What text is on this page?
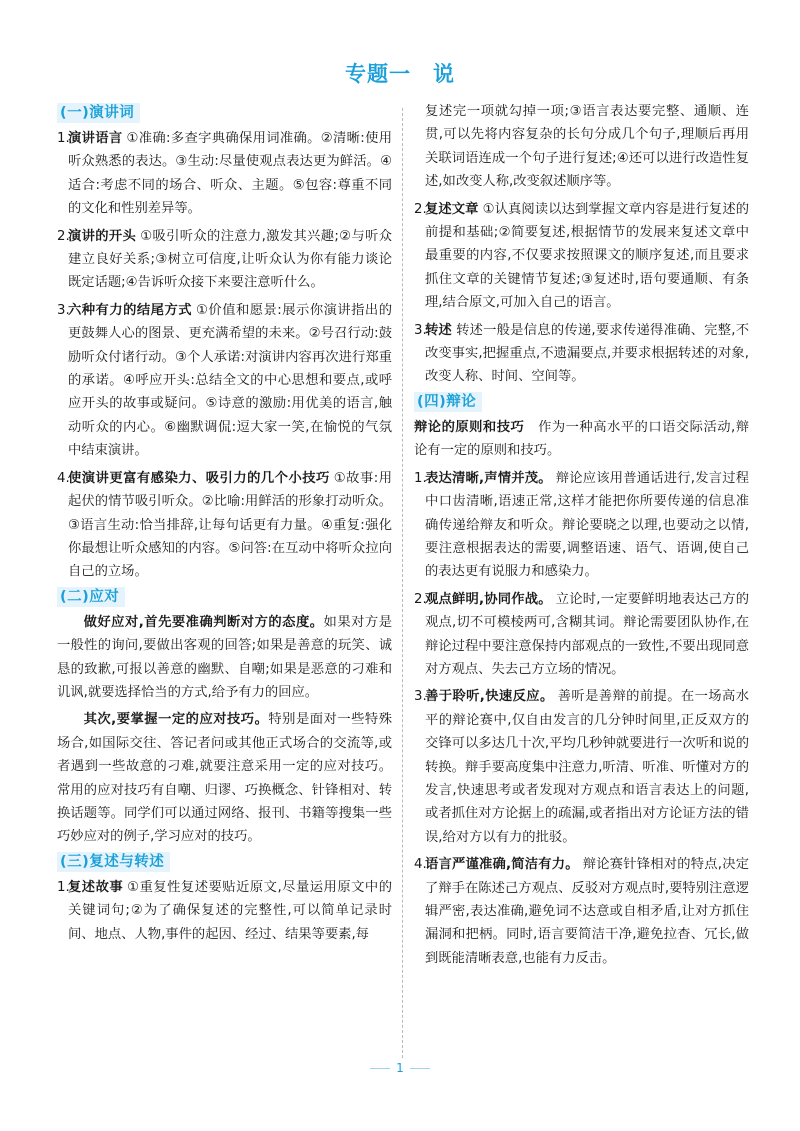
专题一　说
(一)演讲词

1.
演讲语言 ①准确:多查字典确保用词准确。②清晰:使用听众熟悉的表达。③生动:尽量使观点表达更为鲜活。④适合:考虑不同的场合、听众、主题。⑤包容:尊重不同的文化和性别差异等。

2.
演讲的开头 ①吸引听众的注意力,激发其兴趣;②与听众建立良好关系;③树立可信度,让听众认为你有能力谈论既定话题;④告诉听众接下来要注意听什么。

3.
六种有力的结尾方式 ①价值和愿景:展示你演讲指出的更鼓舞人心的图景、更充满希望的未来。②号召行动:鼓励听众付诸行动。③个人承诺:对演讲内容再次进行郑重的承诺。④呼应开头:总结全文的中心思想和要点,或呼应开头的故事或疑问。⑤诗意的激励:用优美的语言,触动听众的内心。⑥幽默调侃:逗大家一笑,在愉悦的气氛中结束演讲。

4.
使演讲更富有感染力、吸引力的几个小技巧 ①故事:用起伏的情节吸引听众。②比喻:用鲜活的形象打动听众。③语言生动:恰当排辞,让每句话更有力量。④重复:强化你最想让听众感知的内容。⑤问答:在互动中将听众拉向自己的立场。

(二)应对

做好应对,首先要准确判断对方的态度。如果对方是一般性的询问,要做出客观的回答;如果是善意的玩笑、诚恳的致歉,可报以善意的幽默、自嘲;如果是恶意的刁难和讥讽,就要选择恰当的方式,给予有力的回应。

其次,要掌握一定的应对技巧。特别是面对一些特殊场合,如国际交往、答记者问或其他正式场合的交流等,或者遇到一些故意的刁难,就要注意采用一定的应对技巧。常用的应对技巧有自嘲、归谬、巧换概念、针锋相对、转换话题等。同学们可以通过网络、报刊、书籍等搜集一些巧妙应对的例子,学习应对的技巧。

(三)复述与转述

1.
复述故事 ①重复性复述要贴近原文,尽量运用原文中的关键词句;②为了确保复述的完整性,可以简单记录时间、地点、人物,事件的起因、经过、结果等要素,每

复述完一项就勾掉一项;③语言表达要完整、通顺、连贯,可以先将内容复杂的长句分成几个句子,理顺后再用关联词语连成一个句子进行复述;④还可以进行改造性复述,如改变人称,改变叙述顺序等。

2.
复述文章 ①认真阅读以达到掌握文章内容是进行复述的前提和基础;②简要复述,根据情节的发展来复述文章中最重要的内容,不仅要求按照课文的顺序复述,而且要求抓住文章的关键情节复述;③复述时,语句要通顺、有条理,结合原文,可加入自己的语言。

3.
转述 转述一般是信息的传递,要求传递得准确、完整,不改变事实,把握重点,不遗漏要点,并要求根据转述的对象,改变人称、时间、空间等。

(四)辩论

辩论的原则和技巧　 作为一种高水平的口语交际活动,辩论有一定的原则和技巧。

1.
表达清晰,声情并茂。 辩论应该用普通话进行,发言过程中口齿清晰,语速正常,这样才能把你所要传递的信息准确传递给辩友和听众。辩论要晓之以理,也要动之以情,要注意根据表达的需要,调整语速、语气、语调,使自己的表达更有说服力和感染力。

2.
观点鲜明,协同作战。 立论时,一定要鲜明地表达己方的观点,切不可模棱两可,含糊其词。辩论需要团队协作,在辩论过程中要注意保持内部观点的一致性,不要出现同意对方观点、失去己方立场的情况。

3.
善于聆听,快速反应。 善听是善辩的前提。在一场高水平的辩论赛中,仅自由发言的几分钟时间里,正反双方的交锋可以多达几十次,平均几秒钟就要进行一次听和说的转换。辩手要高度集中注意力,听清、听准、听懂对方的发言,快速思考或者发现对方观点和语言表达上的问题,或者抓住对方论据上的疏漏,或者指出对方论证方法的错误,给对方以有力的批驳。

4.
语言严谨准确,简洁有力。 辩论赛针锋相对的特点,决定了辩手在陈述己方观点、反驳对方观点时,要特别注意逻辑严密,表达准确,避免词不达意或自相矛盾,让对方抓住漏洞和把柄。同时,语言要简洁干净,避免拉杳、冗长,做到既能清晰表意,也能有力反击。

1
